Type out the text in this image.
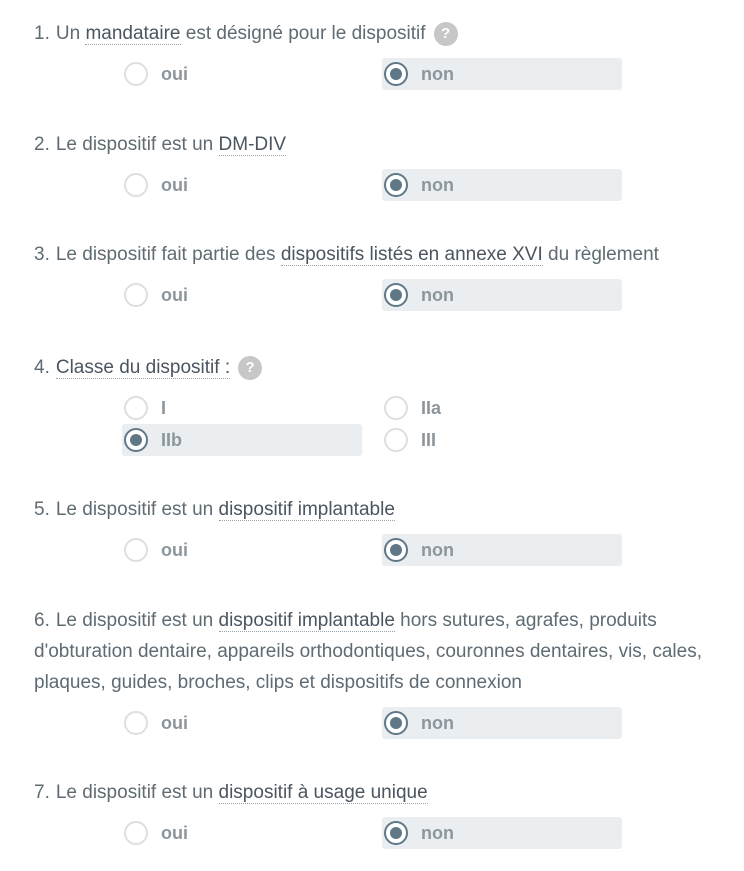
1. Un mandataire est désigné pour le dispositif ?
oui	non
2. Le dispositif est un DM-DIV
oui	non
3. Le dispositif fait partie des dispositifs listés en annexe XVI du règlement
oui	non
4. Classe du dispositif : ?
I	IIa
IIb	III
5. Le dispositif est un dispositif implantable
oui	non
6. Le dispositif est un dispositif implantable hors sutures, agrafes, produits d'obturation dentaire, appareils orthodontiques, couronnes dentaires, vis, cales, plaques, guides, broches, clips et dispositifs de connexion
oui	non
7. Le dispositif est un dispositif à usage unique
oui	non
